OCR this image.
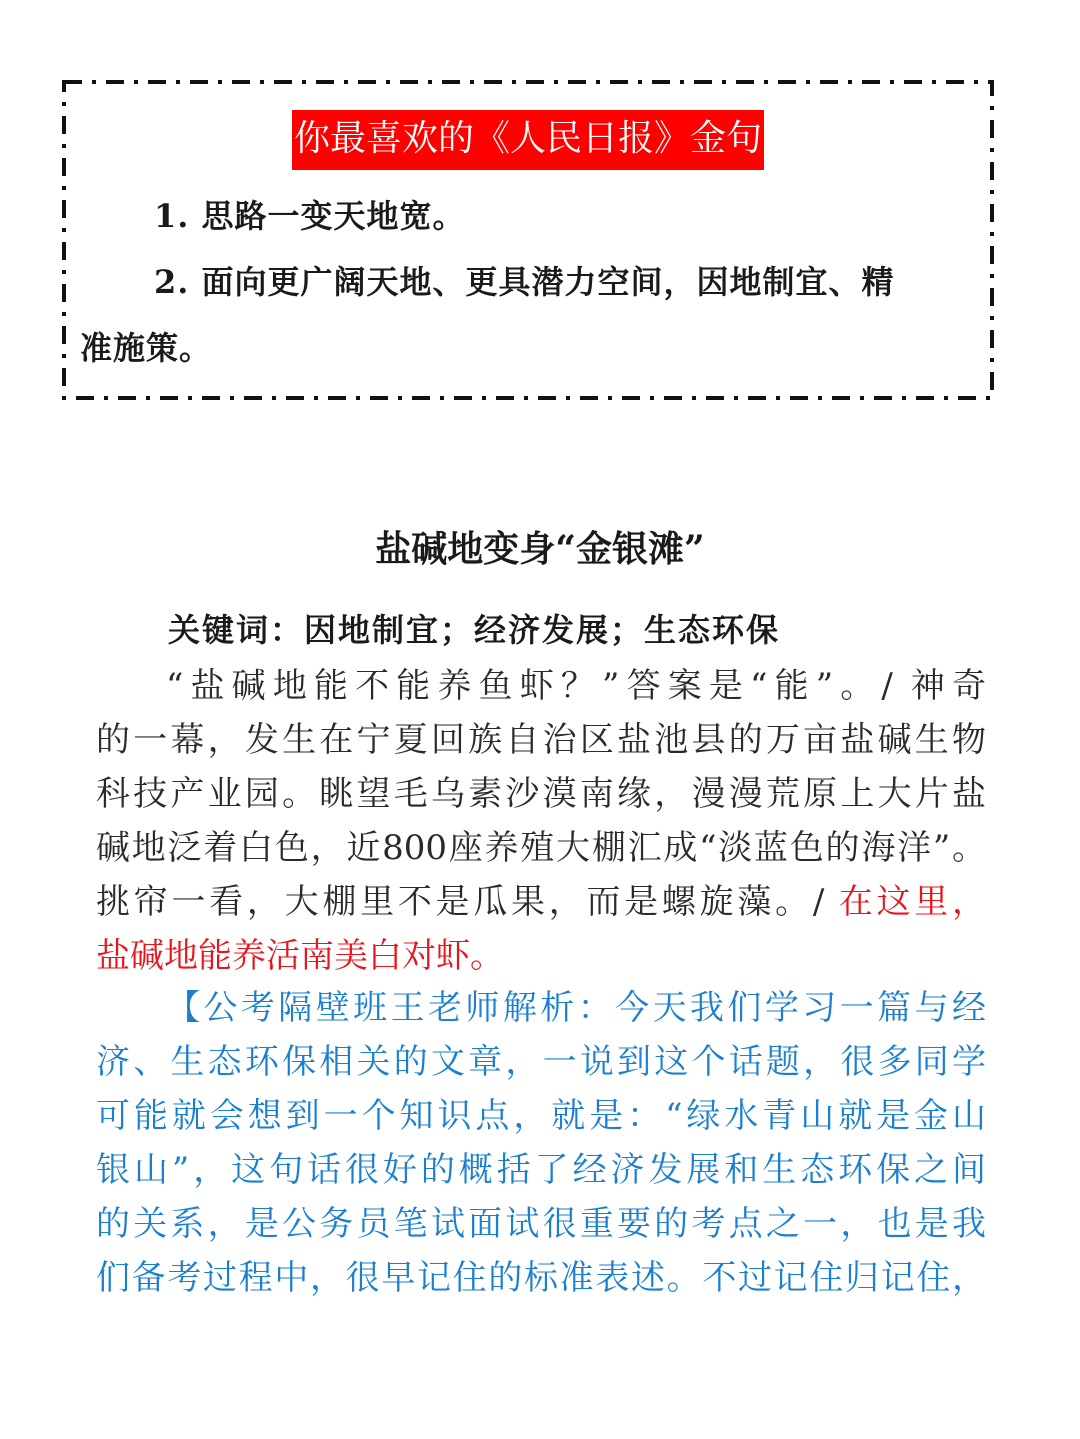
你最喜欢的《人民日报》金句
1. 思路一变天地宽。
2. 面向更广阔天地、更具潜力空间，因地制宜、精
准施策。
盐碱地变身“金银滩”
关键词：因地制宜；经济发展；生态环保
“盐碱地能不能养鱼虾？”答案是“能”。/ 神奇
的一幕，发生在宁夏回族自治区盐池县的万亩盐碱生物
科技产业园。眺望毛乌素沙漠南缘，漫漫荒原上大片盐
碱地泛着白色，近800座养殖大棚汇成“淡蓝色的海洋”。
挑帘一看，大棚里不是瓜果，而是螺旋藻。/ 在这里，
盐碱地能养活南美白对虾。
【公考隔壁班王老师解析：今天我们学习一篇与经
济、生态环保相关的文章，一说到这个话题，很多同学
可能就会想到一个知识点，就是：“绿水青山就是金山
银山”，这句话很好的概括了经济发展和生态环保之间
的关系，是公务员笔试面试很重要的考点之一，也是我
们备考过程中，很早记住的标准表述。不过记住归记住，
